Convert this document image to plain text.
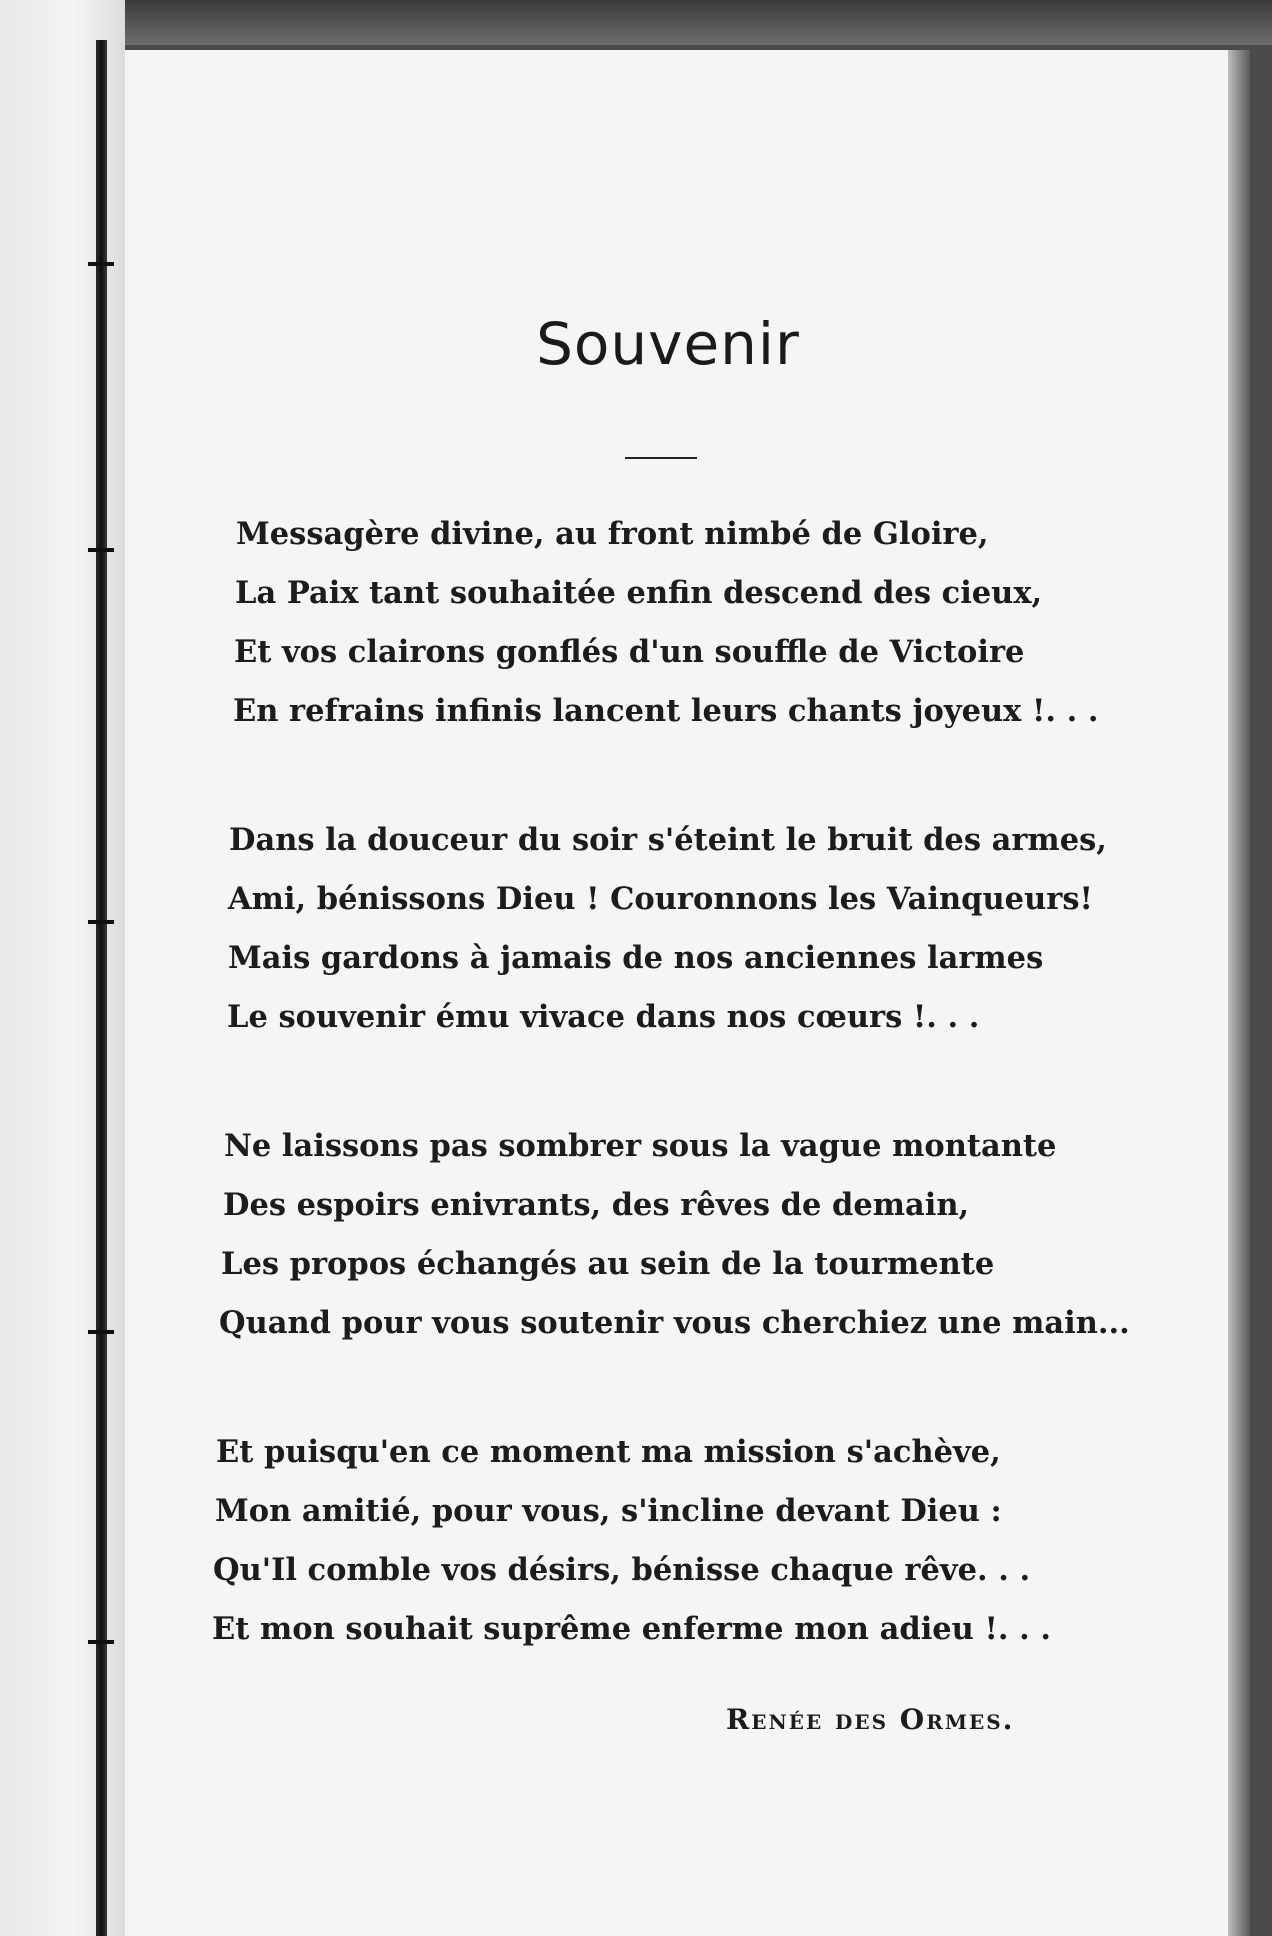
Souvenir

Messagère divine, au front nimbé de Gloire,

La Paix tant souhaitée enfin descend des cieux,

Et vos clairons gonflés d'un souffle de Victoire

En refrains infinis lancent leurs chants joyeux !. . .

Dans la douceur du soir s'éteint le bruit des armes,

Ami, bénissons Dieu ! Couronnons les Vainqueurs!

Mais gardons à jamais de nos anciennes larmes

Le souvenir ému vivace dans nos cœurs !. . .

Ne laissons pas sombrer sous la vague montante

Des espoirs enivrants, des rêves de demain,

Les propos échangés au sein de la tourmente

Quand pour vous soutenir vous cherchiez une main...

Et puisqu'en ce moment ma mission s'achève,

Mon amitié, pour vous, s'incline devant Dieu :

Qu'Il comble vos désirs, bénisse chaque rêve. . .

Et mon souhait suprême enferme mon adieu !. . .

Renée des Ormes.
